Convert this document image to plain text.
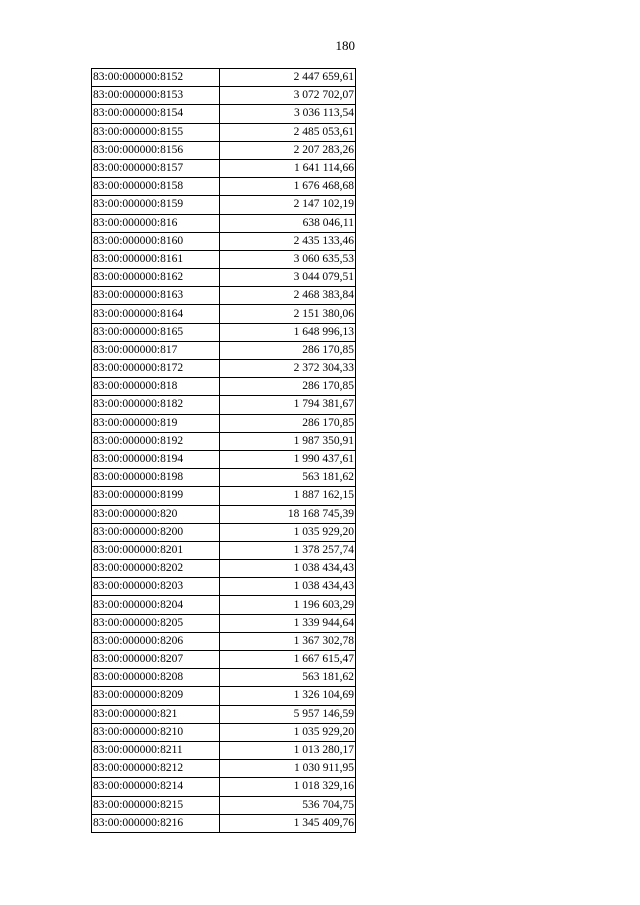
180
83:00:000000:8152	2 447 659,61
83:00:000000:8153	3 072 702,07
83:00:000000:8154	3 036 113,54
83:00:000000:8155	2 485 053,61
83:00:000000:8156	2 207 283,26
83:00:000000:8157	1 641 114,66
83:00:000000:8158	1 676 468,68
83:00:000000:8159	2 147 102,19
83:00:000000:816	638 046,11
83:00:000000:8160	2 435 133,46
83:00:000000:8161	3 060 635,53
83:00:000000:8162	3 044 079,51
83:00:000000:8163	2 468 383,84
83:00:000000:8164	2 151 380,06
83:00:000000:8165	1 648 996,13
83:00:000000:817	286 170,85
83:00:000000:8172	2 372 304,33
83:00:000000:818	286 170,85
83:00:000000:8182	1 794 381,67
83:00:000000:819	286 170,85
83:00:000000:8192	1 987 350,91
83:00:000000:8194	1 990 437,61
83:00:000000:8198	563 181,62
83:00:000000:8199	1 887 162,15
83:00:000000:820	18 168 745,39
83:00:000000:8200	1 035 929,20
83:00:000000:8201	1 378 257,74
83:00:000000:8202	1 038 434,43
83:00:000000:8203	1 038 434,43
83:00:000000:8204	1 196 603,29
83:00:000000:8205	1 339 944,64
83:00:000000:8206	1 367 302,78
83:00:000000:8207	1 667 615,47
83:00:000000:8208	563 181,62
83:00:000000:8209	1 326 104,69
83:00:000000:821	5 957 146,59
83:00:000000:8210	1 035 929,20
83:00:000000:8211	1 013 280,17
83:00:000000:8212	1 030 911,95
83:00:000000:8214	1 018 329,16
83:00:000000:8215	536 704,75
83:00:000000:8216	1 345 409,76
